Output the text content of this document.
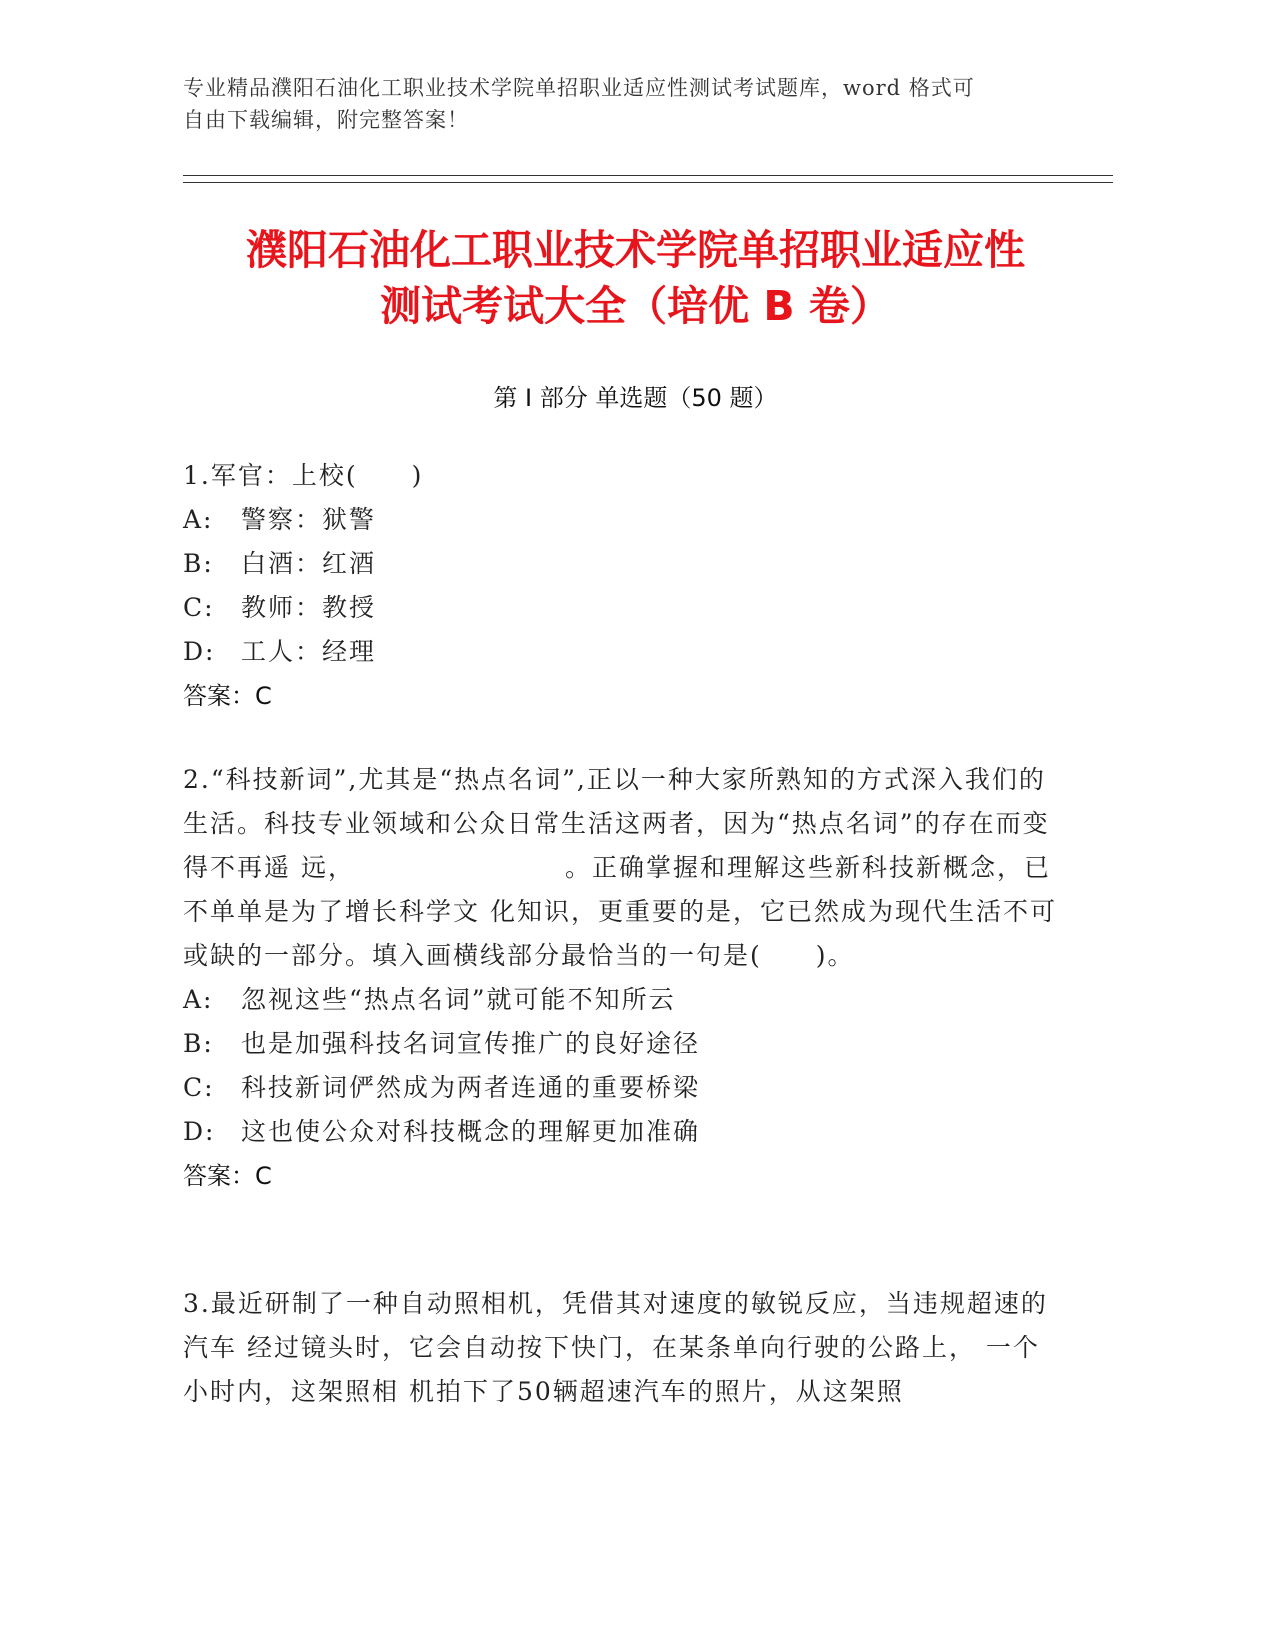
专业精品濮阳石油化工职业技术学院单招职业适应性测试考试题库，word 格式可
自由下载编辑，附完整答案！
濮阳石油化工职业技术学院单招职业适应性
测试考试大全（培优 B 卷）
第 I 部分 单选题（50 题）
1.军官：上校(　　)
A: 警察：狱警
B: 白酒：红酒
C: 教师：教授
D: 工人：经理
答案：C
2.“科技新词”,尤其是“热点名词”,正以一种大家所熟知的方式深入我们的 生活。科技专业领域和公众日常生活这两者，因为“热点名词”的存在而变得不再遥 远，	。正确掌握和理解这些新科技新概念，已不单单是为了增长科学文 化知识，更重要的是，它已然成为现代生活不可或缺的一部分。填入画横线部分最恰当的一句是(　　)。
A: 忽视这些“热点名词”就可能不知所云
B: 也是加强科技名词宣传推广的良好途径
C: 科技新词俨然成为两者连通的重要桥梁
D: 这也使公众对科技概念的理解更加准确
答案：C
3.最近研制了一种自动照相机，凭借其对速度的敏锐反应，当违规超速的汽车 经过镜头时，它会自动按下快门，在某条单向行驶的公路上， 一个小时内，这架照相 机拍下了50辆超速汽车的照片，从这架照
